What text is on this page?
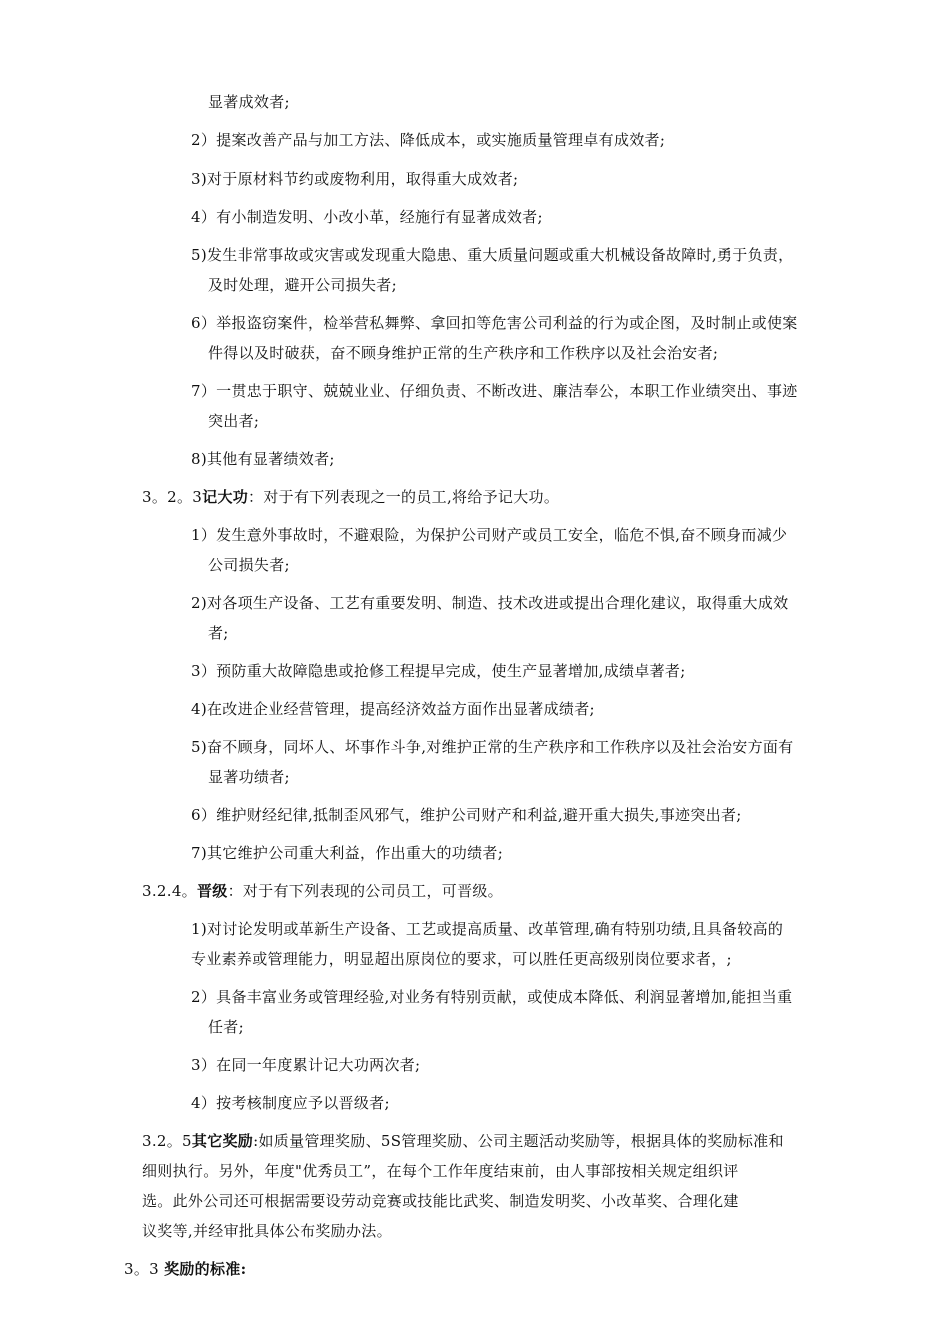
显著成效者;
2）提案改善产品与加工方法、降低成本，或实施质量管理卓有成效者;
3)对于原材料节约或废物利用，取得重大成效者;
4）有小制造发明、小改小革，经施行有显著成效者;
5)发生非常事故或灾害或发现重大隐患、重大质量问题或重大机械设备故障时,勇于负责，
及时处理，避开公司损失者;
6）举报盗窃案件，检举营私舞弊、拿回扣等危害公司利益的行为或企图，及时制止或使案
件得以及时破获，奋不顾身维护正常的生产秩序和工作秩序以及社会治安者;
7）一贯忠于职守、兢兢业业、仔细负责、不断改进、廉洁奉公，本职工作业绩突出、事迹
突出者;
8)其他有显著绩效者;
3。2。3记大功：对于有下列表现之一的员工,将给予记大功。
1）发生意外事故时，不避艰险，为保护公司财产或员工安全，临危不惧,奋不顾身而减少
公司损失者;
2)对各项生产设备、工艺有重要发明、制造、技术改进或提出合理化建议，取得重大成效
者;
3）预防重大故障隐患或抢修工程提早完成，使生产显著增加,成绩卓著者;
4)在改进企业经营管理，提高经济效益方面作出显著成绩者;
5)奋不顾身，同坏人、坏事作斗争,对维护正常的生产秩序和工作秩序以及社会治安方面有
显著功绩者;
6）维护财经纪律,抵制歪风邪气，维护公司财产和利益,避开重大损失,事迹突出者;
7)其它维护公司重大利益，作出重大的功绩者;
3.2.4。晋级：对于有下列表现的公司员工，可晋级。
1)对讨论发明或革新生产设备、工艺或提高质量、改革管理,确有特别功绩,且具备较高的
专业素养或管理能力，明显超出原岗位的要求，可以胜任更高级别岗位要求者，;
2）具备丰富业务或管理经验,对业务有特别贡献，或使成本降低、利润显著增加,能担当重
任者;
3）在同一年度累计记大功两次者;
4）按考核制度应予以晋级者;
3.2。5其它奖励:如质量管理奖励、5S管理奖励、公司主题活动奖励等，根据具体的奖励标准和
细则执行。另外，年度"优秀员工”，在每个工作年度结束前，由人事部按相关规定组织评
选。此外公司还可根据需要设劳动竞赛或技能比武奖、制造发明奖、小改革奖、合理化建
议奖等,并经审批具体公布奖励办法。
3。3 奖励的标准:
